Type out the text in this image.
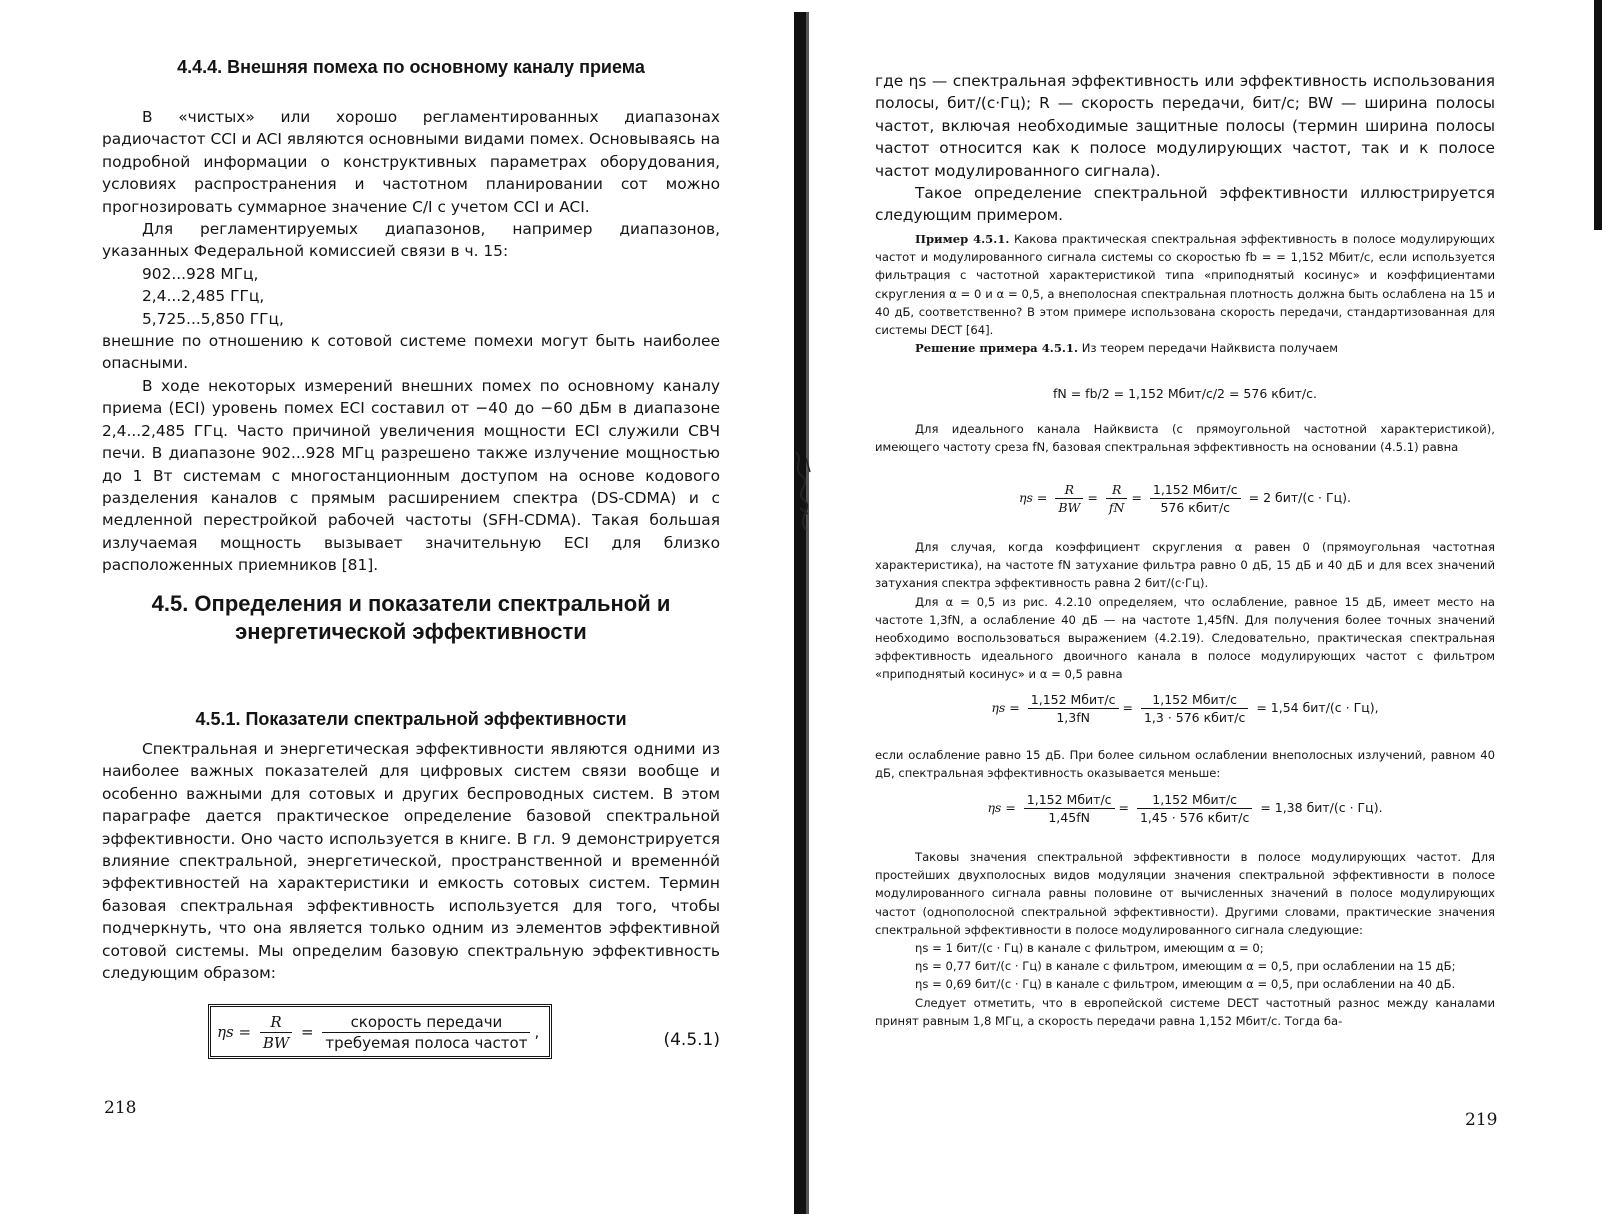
4.4.4. Внешняя помеха по основному каналу приема

В «чистых» или хорошо регламентированных диапазонах радиочастот CCI и ACI являются основными видами помех. Основываясь на подробной информации о конструктивных параметрах оборудования, условиях распространения и частотном планировании сот можно прогнозировать суммарное значение C/I с учетом CCI и ACI.

Для регламентируемых диапазонов, например диапазонов, указанных Федеральной комиссией связи в ч. 15:

902...928 МГц,

2,4...2,485 ГГц,

5,725...5,850 ГГц,

внешние по отношению к сотовой системе помехи могут быть наиболее опасными.

В ходе некоторых измерений внешних помех по основному каналу приема (ECI) уровень помех ECI составил от −40 до −60 дБм в диапазоне 2,4...2,485 ГГц. Часто причиной увеличения мощности ECI служили СВЧ печи. В диапазоне 902...928 МГц разрешено также излучение мощностью до 1 Вт системам с многостанционным доступом на основе кодового разделения каналов с прямым расширением спектра (DS-CDMA) и с медленной перестройкой рабочей частоты (SFH-CDMA). Такая большая излучаемая мощность вызывает значительную ECI для близко расположенных приемников [81].

4.5. Определения и показатели спектральной и энергетической эффективности
4.5.1. Показатели спектральной эффективности

Спектральная и энергетическая эффективности являются одними из наиболее важных показателей для цифровых систем связи вообще и особенно важными для сотовых и других беспроводных систем. В этом параграфе дается практическое определение базовой спектральной эффективности. Оно часто используется в книге. В гл. 9 демонстрируется влияние спектральной, энергетической, пространственной и временно́й эффективностей на характеристики и емкость сотовых систем. Термин базовая спектральная эффективность используется для того, чтобы подчеркнуть, что она является только одним из элементов эффективной сотовой системы. Мы определим базовую спектральную эффективность следующим образом:

$\eta s = \frac{R}{BW} = \frac{\text{скорость передачи}}{\text{требуемая полоса частот}}$ ,	(4.5.1)
218

где ηs — спектральная эффективность или эффективность использования полосы, бит/(с·Гц); R — скорость передачи, бит/с; BW — ширина полосы частот, включая необходимые защитные полосы (термин ширина полосы частот относится как к полосе модулирующих частот, так и к полосе частот модулированного сигнала).

Такое определение спектральной эффективности иллюстрируется следующим примером.

Пример 4.5.1. Какова практическая спектральная эффективность в полосе модулирующих частот и модулированного сигнала системы со скоростью fb = = 1,152 Мбит/с, если используется фильтрация с частотной характеристикой типа «приподнятый косинус» и коэффициентами скругления α = 0 и α = 0,5, а внеполосная спектральная плотность должна быть ослаблена на 15 и 40 дБ, соответственно? В этом примере использована скорость передачи, стандартизованная для системы DECT [64].

Решение примера 4.5.1. Из теорем передачи Найквиста получаем

fN = fb/2 = 1,152 Мбит/с/2 = 576 кбит/с.

Для идеального канала Найквиста (с прямоугольной частотной характеристикой), имеющего частоту среза fN, базовая спектральная эффективность на основании (4.5.1) равна

$\eta s = \frac{R}{BW} = \frac{R}{fN} = \frac{\text{1,152 Мбит/с}}{\text{576 кбит/с}} = 2$ бит/(с · Гц).

Для случая, когда коэффициент скругления α равен 0 (прямоугольная частотная характеристика), на частоте fN затухание фильтра равно 0 дБ, 15 дБ и 40 дБ и для всех значений затухания спектра эффективность равна 2 бит/(с·Гц).

Для α = 0,5 из рис. 4.2.10 определяем, что ослабление, равное 15 дБ, имеет место на частоте 1,3fN, а ослабление 40 дБ — на частоте 1,45fN. Для получения более точных значений необходимо воспользоваться выражением (4.2.19). Следовательно, практическая спектральная эффективность идеального двоичного канала в полосе модулирующих частот с фильтром «приподнятый косинус» и α = 0,5 равна

$\eta s = \frac{\text{1,152 Мбит/с}}{1,3fN} = \frac{\text{1,152 Мбит/с}}{\text{1,3 · 576 кбит/с}} = 1,54$ бит/(с · Гц),

если ослабление равно 15 дБ. При более сильном ослаблении внеполосных излучений, равном 40 дБ, спектральная эффективность оказывается меньше:

$\eta s = \frac{\text{1,152 Мбит/с}}{1,45fN} = \frac{\text{1,152 Мбит/с}}{\text{1,45 · 576 кбит/с}} = 1,38$ бит/(с · Гц).

Таковы значения спектральной эффективности в полосе модулирующих частот. Для простейших двухполосных видов модуляции значения спектральной эффективности в полосе модулированного сигнала равны половине от вычисленных значений в полосе модулирующих частот (однополосной спектральной эффективности). Другими словами, практические значения спектральной эффективности в полосе модулированного сигнала следующие:

ηs = 1 бит/(с · Гц) в канале с фильтром, имеющим α = 0;

ηs = 0,77 бит/(с · Гц) в канале с фильтром, имеющим α = 0,5, при ослаблении на 15 дБ;

ηs = 0,69 бит/(с · Гц) в канале с фильтром, имеющим α = 0,5, при ослаблении на 40 дБ.

Следует отметить, что в европейской системе DECT частотный разнос между каналами принят равным 1,8 МГц, а скорость передачи равна 1,152 Мбит/с. Тогда ба-

219
